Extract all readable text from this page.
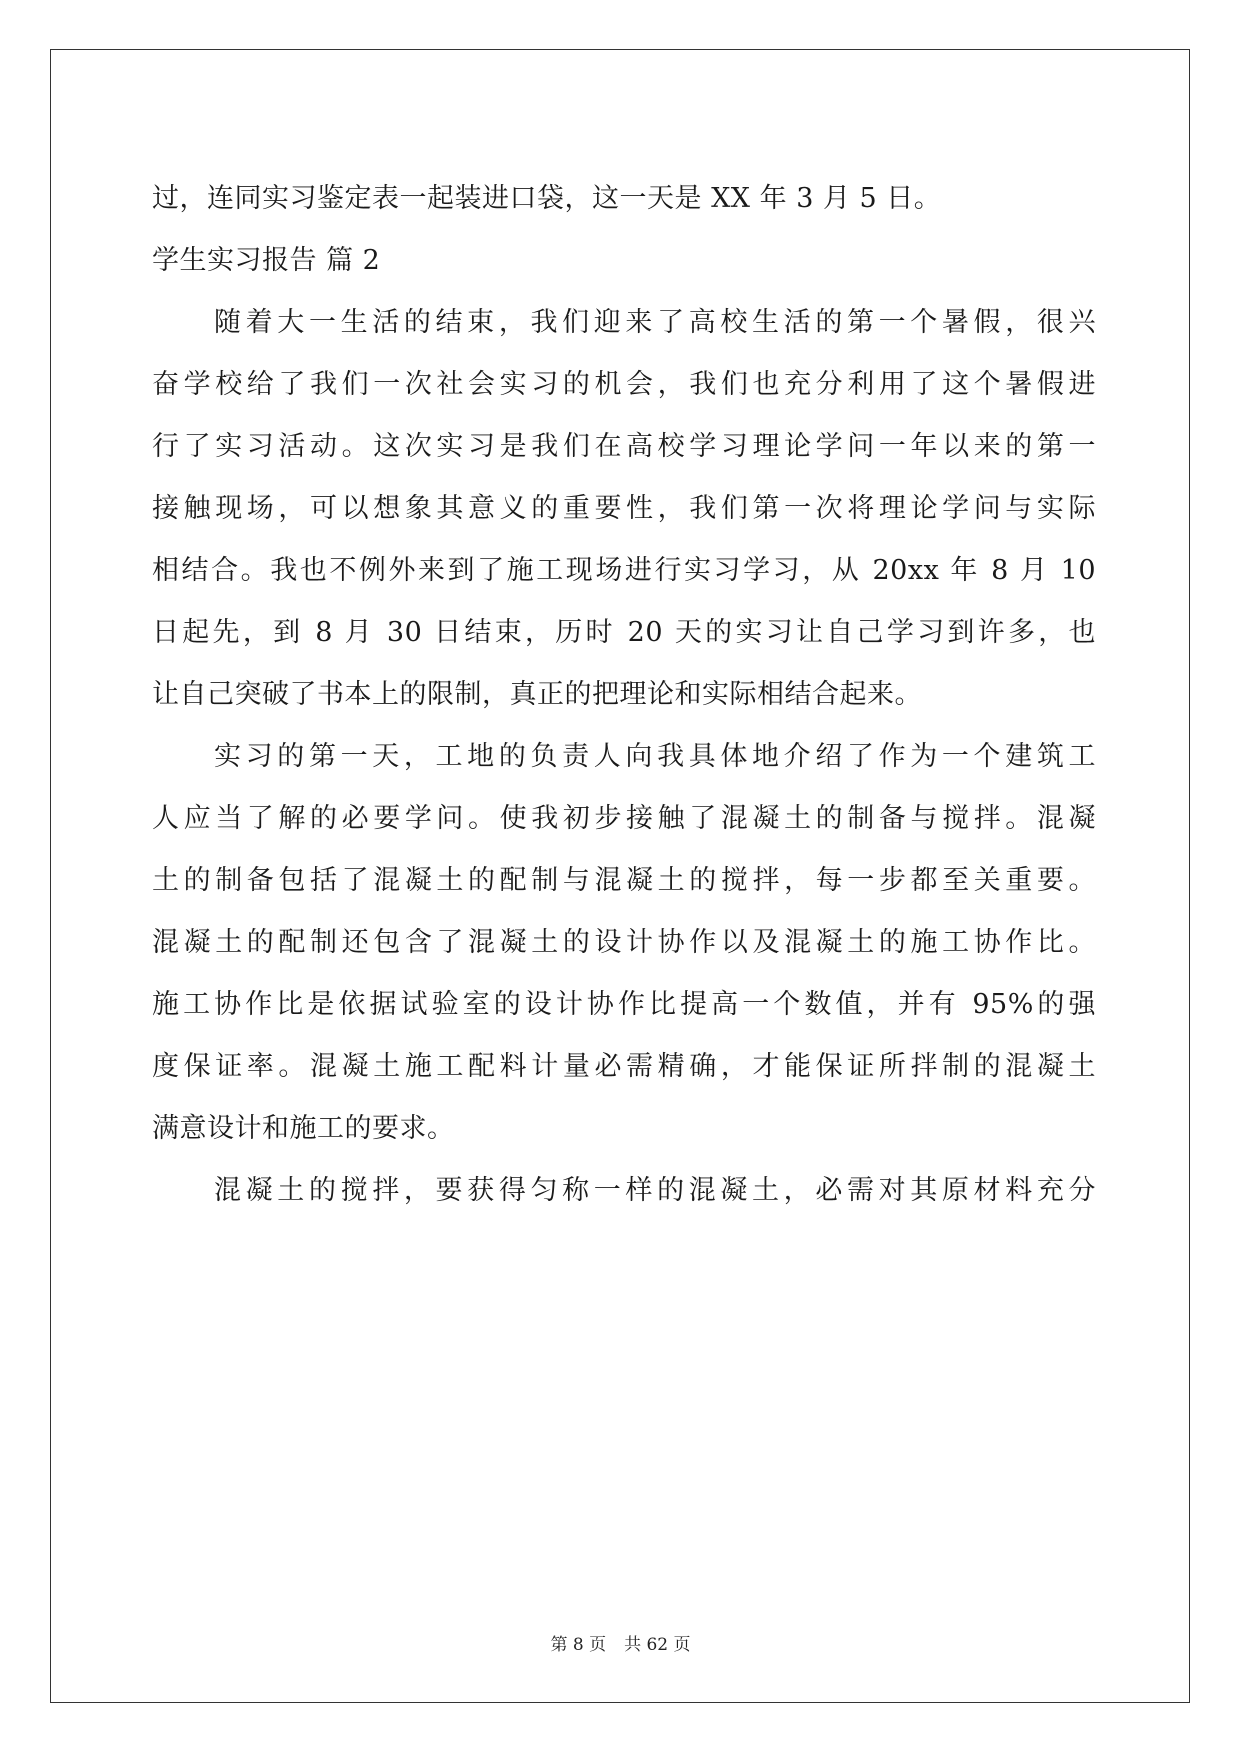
过，连同实习鉴定表一起装进口袋，这一天是 XX 年 3 月 5 日。
学生实习报告 篇 2
随着大一生活的结束，我们迎来了高校生活的第一个暑假，很兴
奋学校给了我们一次社会实习的机会，我们也充分利用了这个暑假进
行了实习活动。这次实习是我们在高校学习理论学问一年以来的第一
接触现场，可以想象其意义的重要性，我们第一次将理论学问与实际
相结合。我也不例外来到了施工现场进行实习学习，从 20xx 年 8 月 10
日起先，到 8 月 30 日结束，历时 20 天的实习让自己学习到许多，也
让自己突破了书本上的限制，真正的把理论和实际相结合起来。
实习的第一天，工地的负责人向我具体地介绍了作为一个建筑工
人应当了解的必要学问。使我初步接触了混凝土的制备与搅拌。混凝
土的制备包括了混凝土的配制与混凝土的搅拌，每一步都至关重要。
混凝土的配制还包含了混凝土的设计协作以及混凝土的施工协作比。
施工协作比是依据试验室的设计协作比提高一个数值，并有 95%的强
度保证率。混凝土施工配料计量必需精确，才能保证所拌制的混凝土
满意设计和施工的要求。
混凝土的搅拌，要获得匀称一样的混凝土，必需对其原材料充分
第 8 页 共 62 页
